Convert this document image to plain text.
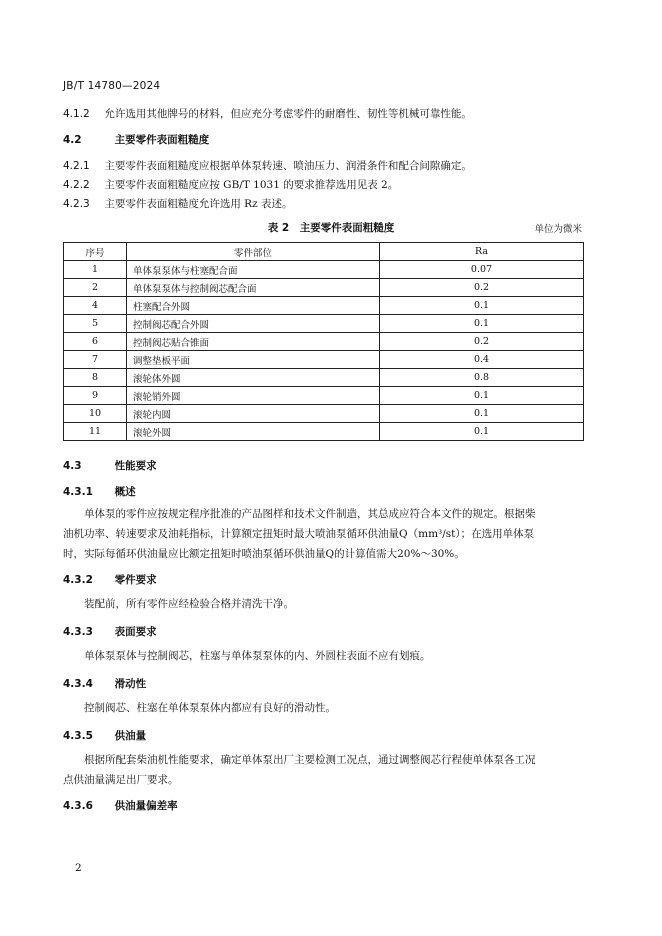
JB/T 14780—2024
4.1.2 允许选用其他牌号的材料，但应充分考虑零件的耐磨性、韧性等机械可靠性能。
4.2	主要零件表面粗糙度
4.2.1 主要零件表面粗糙度应根据单体泵转速、喷油压力、润滑条件和配合间隙确定。
4.2.2 主要零件表面粗糙度应按 GB/T 1031 的要求推荐选用见表 2。
4.2.3 主要零件表面粗糙度允许选用 Rz 表述。
表 2　主要零件表面粗糙度	单位为微米
序号	零件部位	Ra
1	单体泵泵体与柱塞配合面	0.07
2	单体泵泵体与控制阀芯配合面	0.2
4	柱塞配合外圆	0.1
5	控制阀芯配合外圆	0.1
6	控制阀芯贴合锥面	0.2
7	调整垫板平面	0.4
8	滚轮体外圆	0.8
9	滚轮销外圆	0.1
10	滚轮内圆	0.1
11	滚轮外圆	0.1
4.3	性能要求
4.3.1 概述
单体泵的零件应按规定程序批准的产品图样和技术文件制造，其总成应符合本文件的规定。根据柴
油机功率、转速要求及油耗指标，计算额定扭矩时最大喷油泵循环供油量Q（mm³/st）；在选用单体泵
时，实际每循环供油量应比额定扭矩时喷油泵循环供油量Q的计算值需大20%～30%。
4.3.2 零件要求
装配前，所有零件应经检验合格并清洗干净。
4.3.3 表面要求
单体泵泵体与控制阀芯，柱塞与单体泵泵体的内、外圆柱表面不应有划痕。
4.3.4 滑动性
控制阀芯、柱塞在单体泵泵体内都应有良好的滑动性。
4.3.5 供油量
根据所配套柴油机性能要求，确定单体泵出厂主要检测工况点，通过调整阀芯行程使单体泵各工况
点供油量满足出厂要求。
4.3.6 供油量偏差率
2
